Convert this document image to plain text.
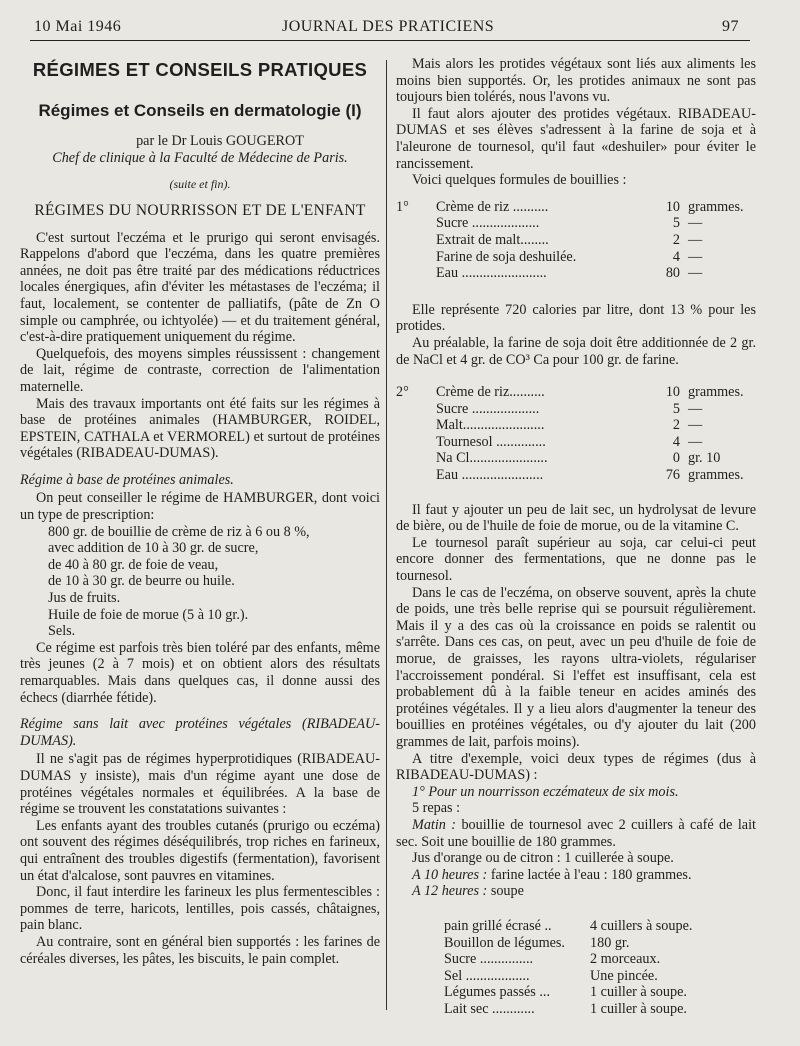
10 Mai 1946	JOURNAL DES PRATICIENS	97

RÉGIMES ET CONSEILS PRATIQUES

Régimes et Conseils en dermatologie (I)

par le Dr Louis GOUGEROT

Chef de clinique à la Faculté de Médecine de Paris.

(suite et fin).

RÉGIMES DU NOURRISSON ET DE L'ENFANT

C'est surtout l'eczéma et le prurigo qui seront envisagés. Rappelons d'abord que l'eczéma, dans les quatre premières années, ne doit pas être traité par des médications réductrices locales énergiques, afin d'éviter les métastases de l'eczéma; il faut, localement, se contenter de palliatifs, (pâte de Zn O simple ou camphrée, ou ichtyolée) — et du traitement général, c'est-à-dire pratiquement uniquement du régime.

Quelquefois, des moyens simples réussissent : changement de lait, régime de contraste, correction de l'alimentation maternelle.

Mais des travaux importants ont été faits sur les régimes à base de protéines animales (HAMBURGER, ROIDEL, EPSTEIN, CATHALA et VERMOREL) et surtout de protéines végétales (RIBADEAU-DUMAS).

Régime à base de protéines animales.

On peut conseiller le régime de HAMBURGER, dont voici un type de prescription:

800 gr. de bouillie de crème de riz à 6 ou 8 %,

avec addition de 10 à 30 gr. de sucre,

de 40 à 80 gr. de foie de veau,

de 10 à 30 gr. de beurre ou huile.

Jus de fruits.

Huile de foie de morue (5 à 10 gr.).

Sels.

Ce régime est parfois très bien toléré par des enfants, même très jeunes (2 à 7 mois) et on obtient alors des résultats remarquables. Mais dans quelques cas, il donne aussi des échecs (diarrhée fétide).

Régime sans lait avec protéines végétales (RIBADEAU-DUMAS).

Il ne s'agit pas de régimes hyperprotidiques (RIBADEAU-DUMAS y insiste), mais d'un régime ayant une dose de protéines végétales normales et équilibrées. A la base de régime se trouvent les constatations suivantes :

Les enfants ayant des troubles cutanés (prurigo ou eczéma) ont souvent des régimes déséquilibrés, trop riches en farineux, qui entraînent des troubles digestifs (fermentation), favorisent un état d'alcalose, sont pauvres en vitamines.

Donc, il faut interdire les farineux les plus fermentescibles : pommes de terre, haricots, lentilles, pois cassés, châtaignes, pain blanc.

Au contraire, sont en général bien supportés : les farines de céréales diverses, les pâtes, les biscuits, le pain complet.

Mais alors les protides végétaux sont liés aux aliments les moins bien supportés. Or, les protides animaux ne sont pas toujours bien tolérés, nous l'avons vu.

Il faut alors ajouter des protides végétaux. RIBADEAU-DUMAS et ses élèves s'adressent à la farine de soja et à l'aleurone de tournesol, qu'il faut «deshuiler» pour éviter le rancissement.

Voici quelques formules de bouillies :

1°	Crème de riz ..........	10	grammes.
	Sucre ...................	5	—
	Extrait de malt........	2	—
	Farine de soja deshuilée.	4	—
	Eau ........................	80	—

Elle représente 720 calories par litre, dont 13 % pour les protides.

Au préalable, la farine de soja doit être additionnée de 2 gr. de NaCl et 4 gr. de CO³ Ca pour 100 gr. de farine.

2°	Crème de riz..........	10	grammes.
	Sucre ...................	5	—
	Malt.......................	2	—
	Tournesol ..............	4	—
	Na Cl......................	0	gr. 10
	Eau .......................	76	grammes.

Il faut y ajouter un peu de lait sec, un hydrolysat de levure de bière, ou de l'huile de foie de morue, ou de la vitamine C.

Le tournesol paraît supérieur au soja, car celui-ci peut encore donner des fermentations, que ne donne pas le tournesol.

Dans le cas de l'eczéma, on observe souvent, après la chute de poids, une très belle reprise qui se poursuit régulièrement. Mais il y a des cas où la croissance en poids se ralentit ou s'arrête. Dans ces cas, on peut, avec un peu d'huile de foie de morue, de graisses, les rayons ultra-violets, régulariser l'accroissement pondéral. Si l'effet est insuffisant, cela est probablement dû à la faible teneur en acides aminés des protéines végétales. Il y a lieu alors d'augmenter la teneur des bouillies en protéines végétales, ou d'y ajouter du lait (200 grammes de lait, parfois moins).

A titre d'exemple, voici deux types de régimes (dus à RIBADEAU-DUMAS) :

1° Pour un nourrisson eczémateux de six mois.

5 repas :

Matin : bouillie de tournesol avec 2 cuillers à café de lait sec. Soit une bouillie de 180 grammes.

Jus d'orange ou de citron : 1 cuillerée à soupe.

A 10 heures : farine lactée à l'eau : 180 grammes.

A 12 heures : soupe

pain grillé écrasé ..	4 cuillers à soupe.
Bouillon de légumes.	180 gr.
Sucre ...............	2 morceaux.
Sel ..................	Une pincée.
Légumes passés ...	1 cuiller à soupe.
Lait sec ............	1 cuiller à soupe.
